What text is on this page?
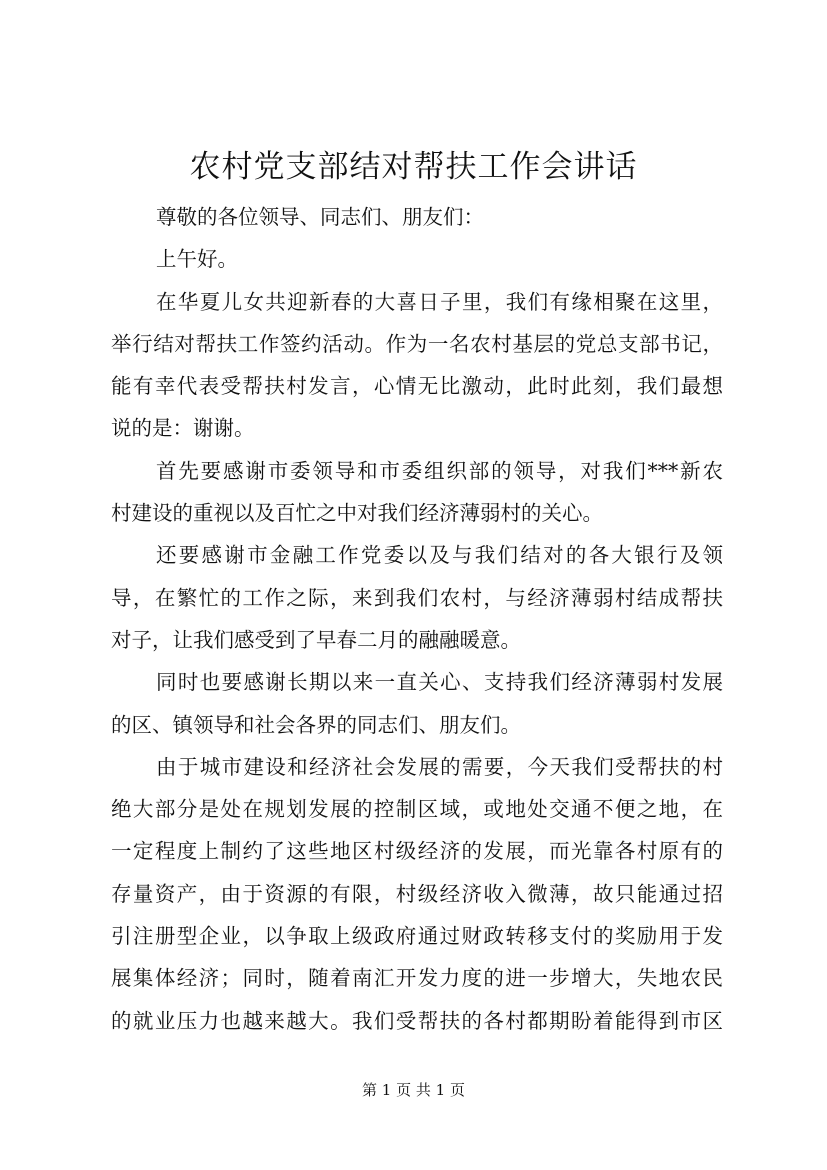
农村党支部结对帮扶工作会讲话
尊敬的各位领导、同志们、朋友们：
上午好。
在华夏儿女共迎新春的大喜日子里，我们有缘相聚在这里，
举行结对帮扶工作签约活动。作为一名农村基层的党总支部书记，
能有幸代表受帮扶村发言，心情无比激动，此时此刻，我们最想
说的是：谢谢。
首先要感谢市委领导和市委组织部的领导，对我们***新农
村建设的重视以及百忙之中对我们经济薄弱村的关心。
还要感谢市金融工作党委以及与我们结对的各大银行及领
导，在繁忙的工作之际，来到我们农村，与经济薄弱村结成帮扶
对子，让我们感受到了早春二月的融融暖意。
同时也要感谢长期以来一直关心、支持我们经济薄弱村发展
的区、镇领导和社会各界的同志们、朋友们。
由于城市建设和经济社会发展的需要，今天我们受帮扶的村
绝大部分是处在规划发展的控制区域，或地处交通不便之地，在
一定程度上制约了这些地区村级经济的发展，而光靠各村原有的
存量资产，由于资源的有限，村级经济收入微薄，故只能通过招
引注册型企业，以争取上级政府通过财政转移支付的奖励用于发
展集体经济；同时，随着南汇开发力度的进一步增大，失地农民
的就业压力也越来越大。我们受帮扶的各村都期盼着能得到市区
第 1 页 共 1 页
